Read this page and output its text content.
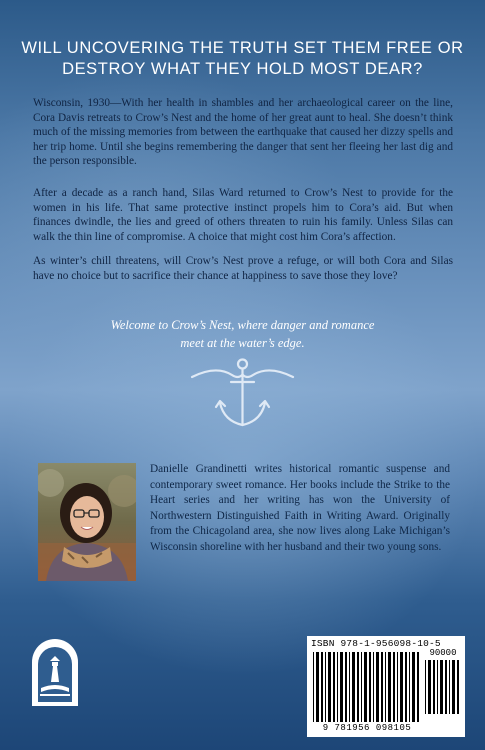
WILL UNCOVERING THE TRUTH SET THEM FREE OR DESTROY WHAT THEY HOLD MOST DEAR?

Wisconsin, 1930—With her health in shambles and her archaeological career on the line, Cora Davis retreats to Crow’s Nest and the home of her great aunt to heal. She doesn’t think much of the missing memories from between the earthquake that caused her dizzy spells and her trip home. Until she begins remembering the danger that sent her fleeing her last dig and the person responsible.

After a decade as a ranch hand, Silas Ward returned to Crow’s Nest to provide for the women in his life. That same protective instinct propels him to Cora’s aid. But when finances dwindle, the lies and greed of others threaten to ruin his family. Unless Silas can walk the thin line of compromise. A choice that might cost him Cora’s affection.

As winter’s chill threatens, will Crow’s Nest prove a refuge, or will both Cora and Silas have no choice but to sacrifice their chance at happiness to save those they love?

Welcome to Crow’s Nest, where danger and romance
meet at the water’s edge.

Danielle Grandinetti writes historical romantic suspense and contemporary sweet romance. Her books include the Strike to the Heart series and her writing has won the University of Northwestern Distinguished Faith in Writing Award. Originally from the Chicagoland area, she now lives along Lake Michigan’s Wisconsin shoreline with her husband and their two young sons.

ISBN 978-1-956098-10-5
90000
9 781956 098105
